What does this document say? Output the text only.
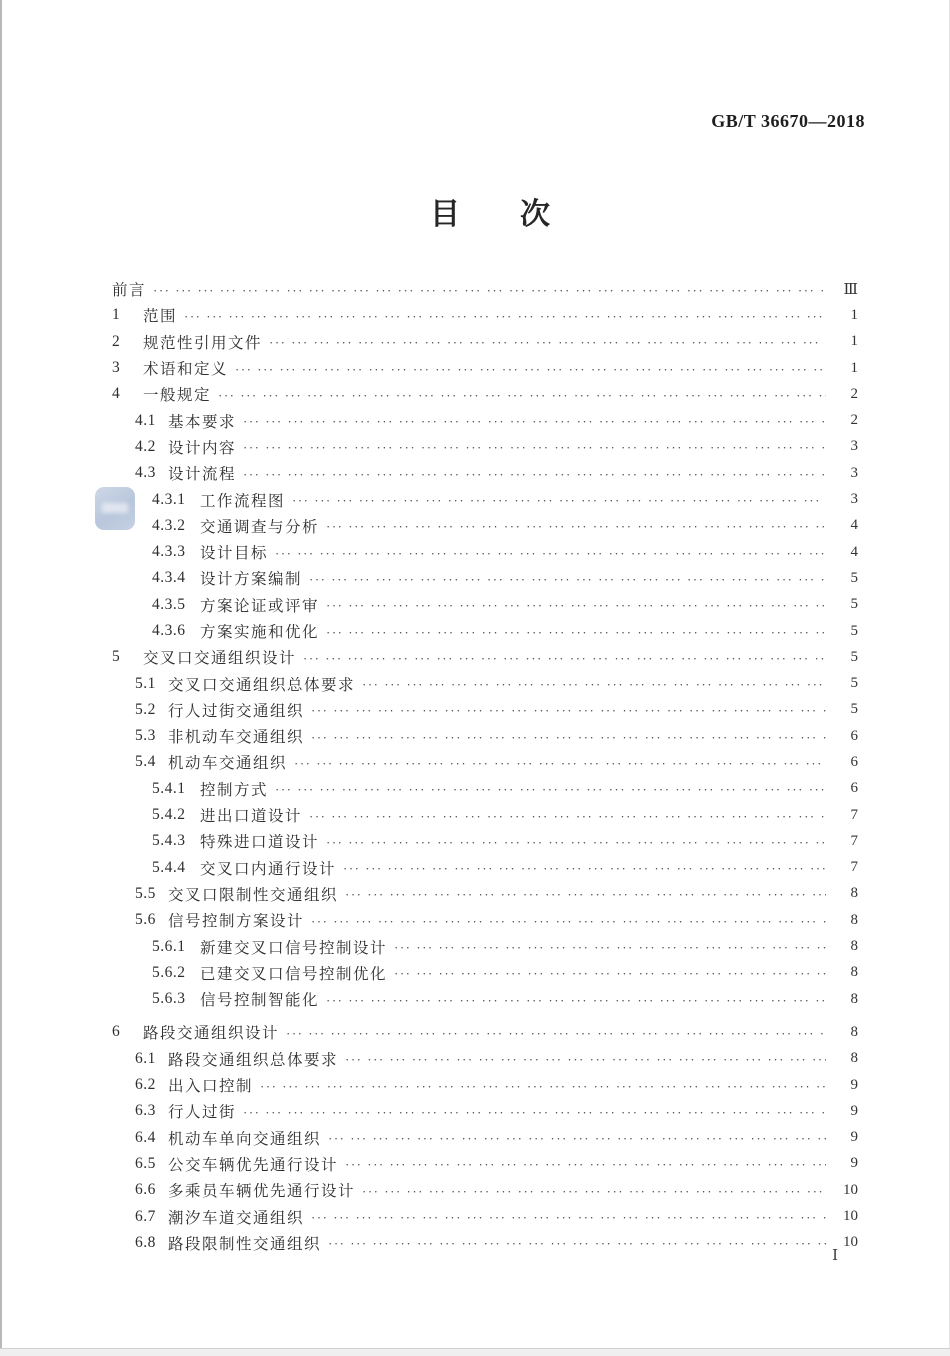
GB/T 36670—2018
目　　次
前言 ··· ·	Ⅲ
1	范围 ··· ·	1
2	规范性引用文件 ··· ·	1
3	术语和定义 ··· ·	1
4	一般规定 ··· ·	2
4.1 基本要求 ··· ·	2
4.2 设计内容 ··· ·	3
4.3 设计流程 ··· ·	3
4.3.1 工作流程图 ··· ·	3
4.3.2 交通调查与分析 ··· ·	4
4.3.3 设计目标 ··· ·	4
4.3.4 设计方案编制 ··· ·	5
4.3.5 方案论证或评审 ··· ·	5
4.3.6 方案实施和优化 ··· ·	5
5	交叉口交通组织设计 ··· ·	5
5.1 交叉口交通组织总体要求 ··· ·	5
5.2 行人过街交通组织 ··· ·	5
5.3 非机动车交通组织 ··· ·	6
5.4 机动车交通组织 ··· ·	6
5.4.1 控制方式 ··· ·	6
5.4.2 进出口道设计 ··· ·	7
5.4.3 特殊进口道设计 ··· ·	7
5.4.4 交叉口内通行设计 ··· ·	7
5.5 交叉口限制性交通组织 ··· ·	8
5.6 信号控制方案设计 ··· ·	8
5.6.1 新建交叉口信号控制设计 ··· ·	8
5.6.2 已建交叉口信号控制优化 ··· ·	8
5.6.3 信号控制智能化 ··· ·	8
6	路段交通组织设计 ··· ·	8
6.1 路段交通组织总体要求 ··· ·	8
6.2 出入口控制 ··· ·	9
6.3 行人过街 ··· ·	9
6.4 机动车单向交通组织 ··· ·	9
6.5 公交车辆优先通行设计 ··· ·	9
6.6 多乘员车辆优先通行设计 ··· ·	10
6.7 潮汐车道交通组织 ··· ·	10
6.8 路段限制性交通组织 ··· ·	10
Ⅰ
